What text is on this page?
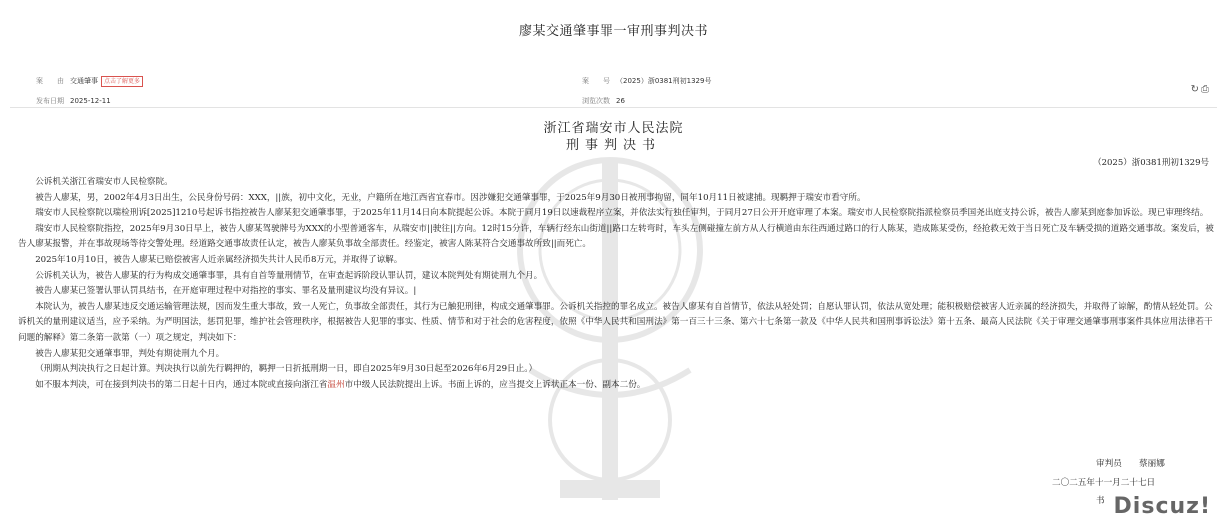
廖某交通肇事罪一审刑事判决书
案　　由 交通肇事 点击了解更多
发布日期 2025-12-11
案　　号 （2025）浙0381刑初1329号
浏览次数 26
↻ ⎙
浙江省瑞安市人民法院
刑事判决书
（2025）浙0381刑初1329号

公诉机关浙江省瑞安市人民检察院。

被告人廖某，男，2002年4月3日出生，公民身份号码：XXX，||族，初中文化，无业，户籍所在地江西省宜春市。因涉嫌犯交通肇事罪，于2025年9月30日被刑事拘留，同年10月11日被逮捕。现羁押于瑞安市看守所。

瑞安市人民检察院以瑞检刑诉[2025]1210号起诉书指控被告人廖某犯交通肇事罪，于2025年11月14日向本院提起公诉。本院于同月19日以速裁程序立案，并依法实行独任审判，于同月27日公开开庭审理了本案。瑞安市人民检察院指派检察员季国尧出庭支持公诉，被告人廖某到庭参加诉讼。现已审理终结。

瑞安市人民检察院指控，2025年9月30日早上，被告人廖某驾驶牌号为XXX的小型普通客车，从瑞安市||驶往||方向。12时15分许，车辆行经东山街道||路口左转弯时，车头左侧碰撞左前方从人行横道由东往西通过路口的行人陈某，造成陈某受伤，经抢救无效于当日死亡及车辆受损的道路交通事故。案发后，被告人廖某报警，并在事故现场等待交警处理。经道路交通事故责任认定，被告人廖某负事故全部责任。经鉴定，被害人陈某符合交通事故所致||而死亡。

2025年10月10日，被告人廖某已赔偿被害人近亲属经济损失共计人民币8万元，并取得了谅解。

公诉机关认为，被告人廖某的行为构成交通肇事罪，具有自首等量刑情节，在审查起诉阶段认罪认罚，建议本院判处有期徒刑九个月。

被告人廖某已签署认罪认罚具结书，在开庭审理过程中对指控的事实、罪名及量刑建议均没有异议。|

本院认为，被告人廖某违反交通运输管理法规，因而发生重大事故，致一人死亡，负事故全部责任，其行为已触犯刑律，构成交通肇事罪。公诉机关指控的罪名成立。被告人廖某有自首情节，依法从轻处罚；自愿认罪认罚，依法从宽处理；能积极赔偿被害人近亲属的经济损失，并取得了谅解，酌情从轻处罚。公诉机关的量刑建议适当，应予采纳。为严明国法，惩罚犯罪，维护社会管理秩序，根据被告人犯罪的事实、性质、情节和对于社会的危害程度，依照《中华人民共和国刑法》第一百三十三条、第六十七条第一款及《中华人民共和国刑事诉讼法》第十五条、最高人民法院《关于审理交通肇事刑事案件具体应用法律若干问题的解释》第二条第一款第（一）项之规定，判决如下：

被告人廖某犯交通肇事罪，判处有期徒刑九个月。

（刑期从判决执行之日起计算。判决执行以前先行羁押的，羁押一日折抵刑期一日，即自2025年9月30日起至2026年6月29日止。）

如不服本判决，可在接到判决书的第二日起十日内，通过本院或直接向浙江省温州市中级人民法院提出上诉。书面上诉的，应当提交上诉状正本一份、副本二份。

审判员　　 蔡丽娜
二〇二五年十一月二十七日
书 Discuz!
